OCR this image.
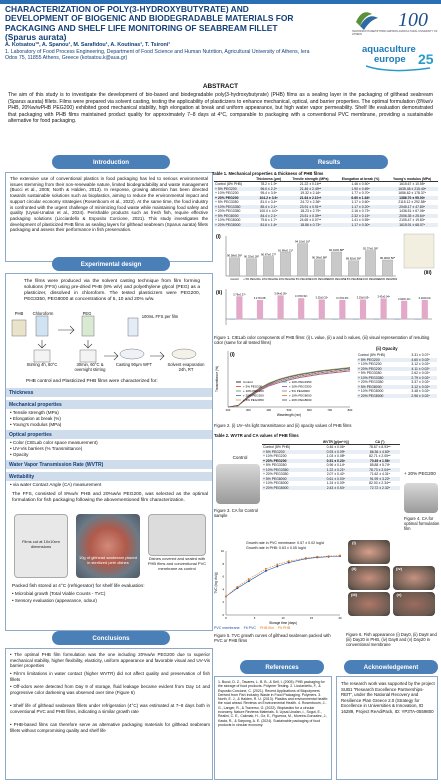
CHARACTERIZATION OF POLY(3-HYDROXYBUTYRATE) AND DEVELOPMENT OF BIOGENIC AND BIODEGRADABLE MATERIALS FOR PACKAGING AND SHELF LIFE MONITORING OF SEABREAM FILLET (Sparus aurata)
A. Kotsatou¹*, A. Spanou¹, M. Sarafidou¹, A. Koutinas¹, T. Tsironi¹
1. Laboratory of Food Process Engineering, Department of Food Science and Human Nutrition, Agricultural University of Athens, Iera Odos 75, 11855 Athens, Greece (kotsatou.k@aua.gr)
100
ΓΕΩΠΟΝΙΚΟ ΠΑΝΕΠΙΣΤΗΜΙΟ ΑΘΗΝΩΝ AGRICULTURAL UNIVERSITY OF ATHENS
aquaculture
europe 25
ABSTRACT
The aim of this study is to investigate the development of bio-based and biodegradable poly(3-hydroxybutyrate) (PHB) films as a sealing layer in the packaging of gilthead seabream (Sparus aurata) fillets. Films were prepared via solvent casting, testing the applicability of plasticizers to enhance mechanical, optical, and barrier properties. The optimal formulation (8%w/v PHB, 20%w/wPHB PEG200) exhibited good mechanical stability, high elongation at break and uniform appearance, but high water vapor permeability. Shelf life evaluation demonstrated that packaging with PHB films maintained product quality for approximately 7–8 days at 4°C, comparable to packaging with a conventional PVC membrane, providing a sustainable alternative for food packaging.
Introduction
The extensive use of conventional plastics in food packaging has led to serious environmental issues stemming from their non-renewable nature, limited biodegradability and waste management (Bucci et al., 2005; North & Halden, 2013). In response, growing attention has been directed towards sustainable solutions such as bioplastics, aiming to reduce the environmental impact and support circular economy strategies (Rosenboom et al., 2022). At the same time, the food industry is confronted with the urgent challenge of minimizing food waste while maintaining food safety and quality (Uysal-Unalan et al., 2024). Perishable products such as fresh fish, require effective packaging solutions (Licciardello & Esposito Corcione, 2021). This study investigates the development of plasticized PHB films as sealing layers for gilthead seabream (Sparus aurata) fillets packaging and assess their performance in fish preservation.
Experimental design
The films were produced via the solvent casting technique from film forming solutions (FFS) using pre-dried PHB (8% w/v) and polyethylene glycol (PEG) as a plasticizer, dissolved in chloroform. The tested plasticizers were PEG200, PEG3350, PEG8000 at concentrations of 5, 10 and 20% w/w.
PHB	Chloroform	PEG
Stirring 4h, 60°C	30min, 60°C & overnight stirring
100mL FFS per film
Casting 90μm WFT	Solvent evaporation 24h, RT
PHB control and Plasticized PHB films were characterized for:
Thickness
Mechanical properties
• Tensile strength (MPa)
• Elongation at break (%)
• Young’s modulus (MPa)
Optical properties
• Color (CIELab color space measurement)
• UV-Vis barriers (% Transmittance)
• Opacity
Water Vapor Transmission Rate (WVTR)
Wettability
• via water Contact Angle (CA) measurement
The FFS, consisted of 8%w/v PHB and 20%w/w PEG200, was selected as the optimal formulation for fish packaging following the abovementioned film characterization.
Films cut at 10x10cm dimensions
10g of gilthead seabream placed in sterilized petri dishes
Dishes covered and sealed with PHB films and conventional PVC membrane as control
Packed fish stored at 4°C (refrigerator) for shelf life evaluation:
• Microbial growth (Total Viable Counts - TVC)
• Sensory evaluation (appearance, odour)
Conclusions
• The optimal PHB film formulation was the one including 20%w/w PEG200 due to superior mechanical stability, higher flexibility, elasticity, uniform appearance and favorable visual and UV-Vis barrier properties
• Film’s limitations in water contact (higher WVTR) did not affect quality and preservation of fish fillets
• Off-odors were detected from Day 9 of storage, fluid leakage became evident from Day 14 and progressive color darkening was observed over time (Figure 6)
• Shelf life of gilthead seabream fillets under refrigeration (4°C) was estimated at 7–8 days both in conventional PVC and PHB films, indicating a similar growth rate
• PHB-based films can therefore serve as alternative packaging materials for gilthead seabream fillets without compromising quality and shelf life
Results
Table 1. Mechanical properties & thickness of PHB films
	Thickness (μm)	Tensile strength (MPa)	Elongation at break (%)	Young’s modulus (MPa)
Control (8% PHB)	78.2 ± 1.9ᵃ	21.22 ± 0.16ᵃᵇ	1.46 ± 0.50ᵃ	1615.67 ± 10.55ᵃ
+ 5% PEG200	96.0 ± 2.2ᵃ	21.46 ± 2.49ᵃᵇ	1.90 ± 0.69ᵃ	1635.48 ± 215.40ᵃ
+ 10% PEG200	95.4 ± 3.5ᵃ	19.32 ± 2.16ᵃ	1.77 ± 0.70ᵃ	1656.62 ± 178.37ᵃ
+ 20% PEG200	104.2 ± 3.9ᵃ	21.64 ± 2.10ᵃᵇ	6.60 ± 1.64ᵇ	1386.70 ± 95.00ᵃ
+ 5% PEG3350	81.0 ± 3.4ᵃ	24.72 ± 2.36ᵇ	1.17 ± 0.60ᵃ	2115.12 ± 292.58ᵃ
+ 10% PEG3350	85.4 ± 2.1ᵃ	23.91 ± 0.91ᵃᵇ	1.17 ± 0.20ᵃ	2045.17 ± 47.80ᵃ
+ 20% PEG3350	100.0 ± 4.0ᵃ	18.23 ± 2.79ᵃ	2.16 ± 0.73ᵃ	1436.51 ± 67.06ᵃ
+ 5% PEG8000	84.4 ± 2.1ᵃ	23.51 ± 0.39ᵃᵇ	2.32 ± 0.15ᵃ	2006.35 ± 25.64ᵃ
+ 10% PEG8000	79.6 ± 1.7ᵃ	24.65 ± 0.07ᵃᵇ	1.41 ± 0.55ᵃ	2105.47 ± 19.83ᵃ
+ 20% PEG8000	81.6 ± 1.6ᵃ	18.86 ± 0.73ᵃ	1.17 ± 0.30ᵃ	1615.91 ± 68.07ᵃ
90.58±0.59ᵃ
Control
90.32±0.28ᵃ
+ 5% PEG200
90.87±0.27ᵃ
+ 10% PEG200
91.89±0.21ᵃ
+ 20% PEG200
94.10±0.16ᵇ
+ 5% PEG3350
90.09±0.88ᵃ
+ 10% PEG3350
92.01±0.88ᵃ
+ 20% PEG3350
89.82±0.59ᵃ
+ 5% PEG8000
92.37±0.28ᵃ
+ 10% PEG8000
90.00±0.50ᵃ
+ 20% PEG8000
(i)
(iii)
3.79±0.37ᵃ
3.17±0.05ᵃ
3.94±0.05ᵃ
3.47±0.52ᵃ	3.25±0.32ᵃ	3.17±0.05ᵃ	3.25±0.05ᵃ	3.43±0.04ᵃ
3.04±0.14ᵃ	3.19±0.01ᵃ
(ii)
Figure 1. CIELab color components of PHB films: (i) L value, (ii) a and b values, (iii) visual representation of resulting color (same for all tested films)
Control
+ 5% PEG200
+ 10% PEG200
+ 20% PEG200
+ 5% PEG3350
+ 10% PEG3350
+ 20% PEG3350
+ 5% PEG8000
+ 10% PEG8000
+ 20% PEG8000
200	300	400	500	600	700	800
Wavelength (nm)
Transmittance (%)
(i)
(ii) Opacity
Control (8% PHB)	3.31 ± 0.07ᵃ
+ 5% PEG200	4.60 ± 0.02ᵇ
+ 10% PEG200	3.12 ± 0.02ᵃ
+ 20% PEG200	4.11 ± 0.02ᵇ
+ 5% PEG3350	2.62 ± 0.02ᵃ
+ 10% PEG3350	2.79 ± 0.02ᵃ
+ 20% PEG3350	3.37 ± 0.02ᵃ
+ 5% PEG8000	3.12 ± 0.02ᵃ
+ 10% PEG8000	3.48 ± 0.02ᵃ
+ 20% PEG8000	2.96 ± 0.02ᵃ
Figure 2. (i) UV–Vis light transmittance and (ii) opacity values of PHB films
Table 2. WVTR and CA values of PHB films
	WVTR [g/(m²·h)]	CA (°)
Control (8% PHB)	0.46 ± 0.06ᵃ	78.67 ± 8.93ᵃᵇ
+ 5% PEG200	0.93 ± 0.09ᵇ	86.36 ± 4.60ᵇ
+ 10% PEG200	1.03 ± 0.08ᵇ	82.71 ± 2.05ᵃᵇ
+ 20% PEG200	0.51 ± 0.23ᵃ	70.49 ± 1.56ᵃ
+ 5% PEG3350	0.96 ± 0.14ᵇ	85.88 ± 5.74ᵇ
+ 10% PEG3350	1.22 ± 0.21ᵇ	78.73 ± 2.04ᵃᵇ
+ 20% PEG3350	2.07 ± 0.42ᶜ	71.62 ± 4.31ᵃ
+ 5% PEG8000	0.61 ± 0.03ᵃ	91.99 ± 3.22ᵇ
+ 10% PEG8000	1.24 ± 0.00ᵇ	82.00 ± 2.34ᵃᵇ
+ 20% PEG8000	2.43 ± 0.53ᶜ	72.72 ± 2.32ᵃ
Control
+ 20% PEG200
Figure 3. CA for Control sample
Figure 4. CA for optimal formulation film
0	5	10	15	20
0
2
4
6
8
10
Storage time (days)
TVC (log cfu/g)
Growth rate in PVC membrane: 0.57 ± 0.02 log/d
Growth rate in PHB: 0.63 ± 0.05 log/d
PVC membrane Fit PVC PHB film Fit PHB
Figure 5. TVC growth curves of gilthead seabream packed with PVC or PHB films
(i)
(ii)
(iii)
(iv)
(v)
Figure 6. Fish appearance (i) Day0, (ii) Day8 and (iii) Day20 in PHB, (iv) Day8 and (v) Day20 in conventional membrane
References
1. Bucci, D. Z., Tavares, L. B. B., & Sell, I. (2005). PHB packaging for the storage of food products. Polymer Testing. 2. Licciardello, F., & Esposito Corcione, C. (2021). Recent Applications of Biopolymers Derived from Fish Industry Waste in Food Packaging. Polymers. 3. North, E. J., & Halden, R. U. (2013). Plastics and environmental health: the road ahead. Reviews on Environmental Health. 4. Rosenboom, J.-G., Langer, R., & Traverso, G. (2022). Bioplastics for a circular economy. Nature Reviews Materials. 5. Uysal-Unalan, I., Sogut, E., Realini, C. E., Cakmak, H., Oz, E., Figueroa, M., Moreira-Gonzalez, J., Kasta, R., & Sarpong, A. E. (2024). Sustainable packaging of food products in circular economy.
Acknowledgement
The research work was supported by the project SUB1 “Research Excellence Partnerships-REΠ”, under the National Recovery and Resilience Plan Greece 2.0 (Strategy for Excellence in Universities & Innovation, ID 16289, Project ReAdiPack, ID: YP3TA-0559800
